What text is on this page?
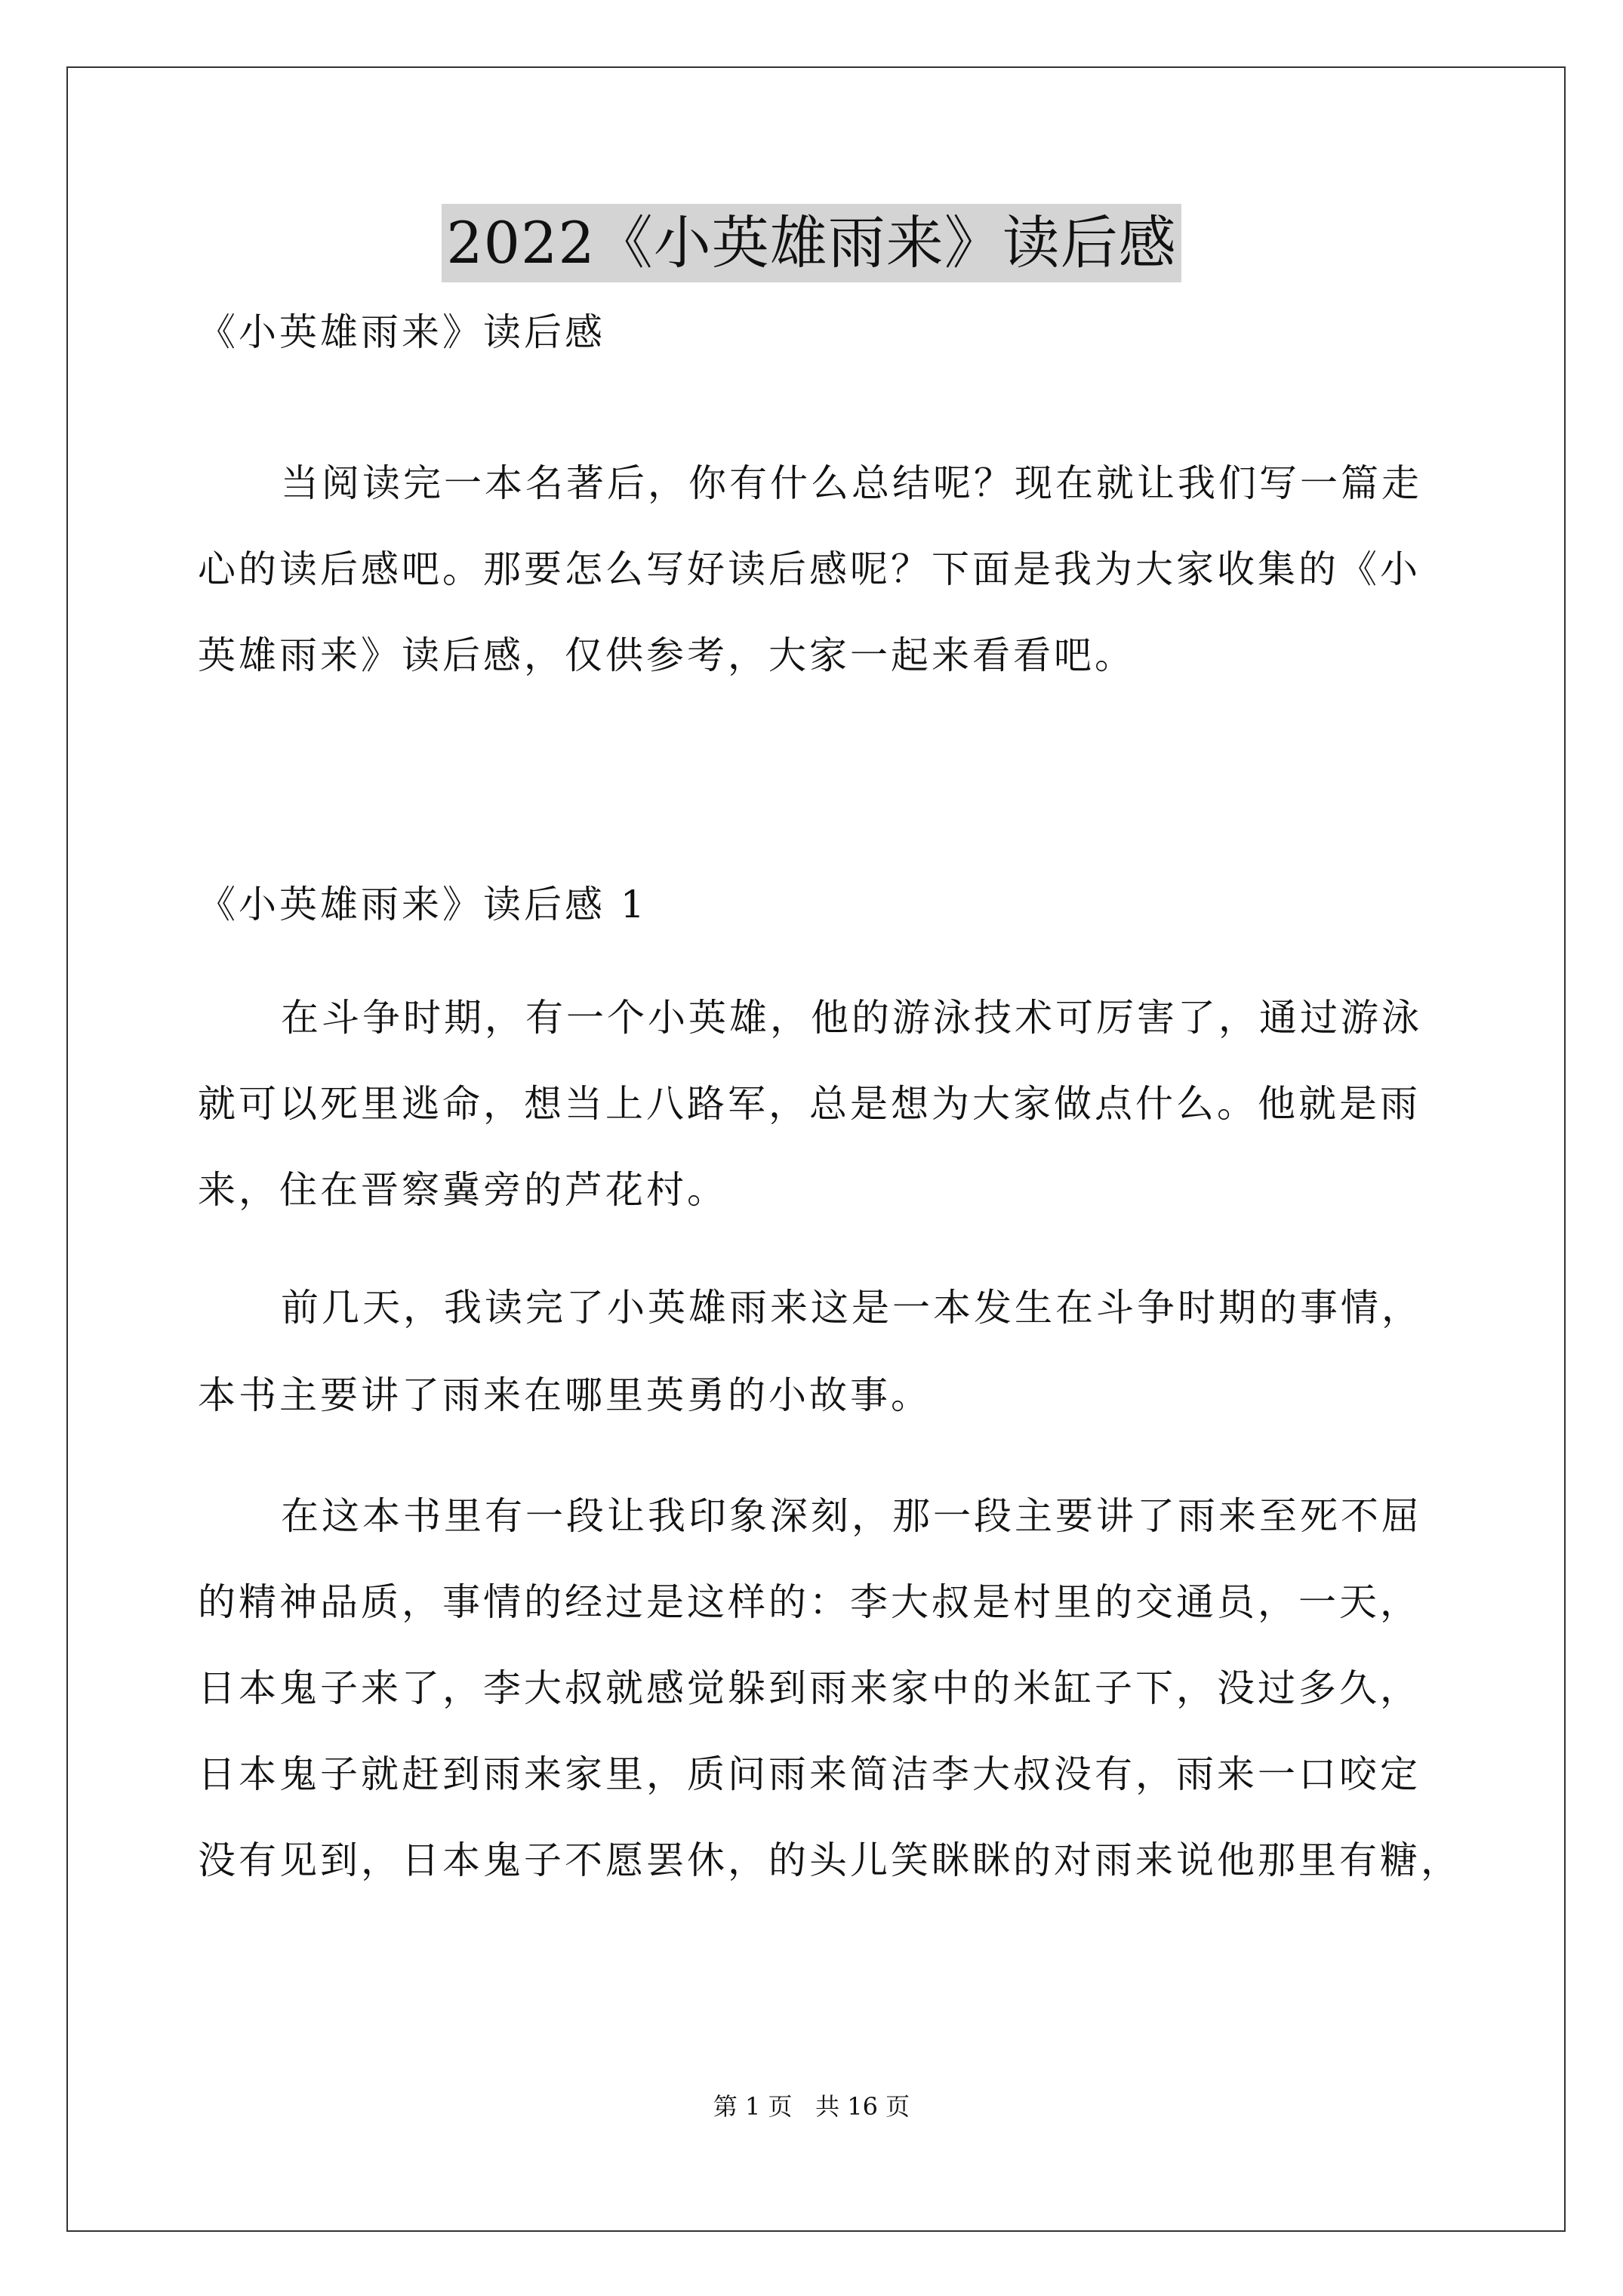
2022《小英雄雨来》读后感
《小英雄雨来》读后感
当阅读完一本名著后，你有什么总结呢？现在就让我们写一篇走
心的读后感吧。那要怎么写好读后感呢？下面是我为大家收集的《小
英雄雨来》读后感，仅供参考，大家一起来看看吧。
《小英雄雨来》读后感 1
在斗争时期，有一个小英雄，他的游泳技术可厉害了，通过游泳
就可以死里逃命，想当上八路军，总是想为大家做点什么。他就是雨
来，住在晋察冀旁的芦花村。
前几天，我读完了小英雄雨来这是一本发生在斗争时期的事情，
本书主要讲了雨来在哪里英勇的小故事。
在这本书里有一段让我印象深刻，那一段主要讲了雨来至死不屈
的精神品质，事情的经过是这样的：李大叔是村里的交通员，一天，
日本鬼子来了，李大叔就感觉躲到雨来家中的米缸子下，没过多久，
日本鬼子就赶到雨来家里，质问雨来简洁李大叔没有，雨来一口咬定
没有见到，日本鬼子不愿罢休，的头儿笑眯眯的对雨来说他那里有糖，
第 1 页   共 16 页
